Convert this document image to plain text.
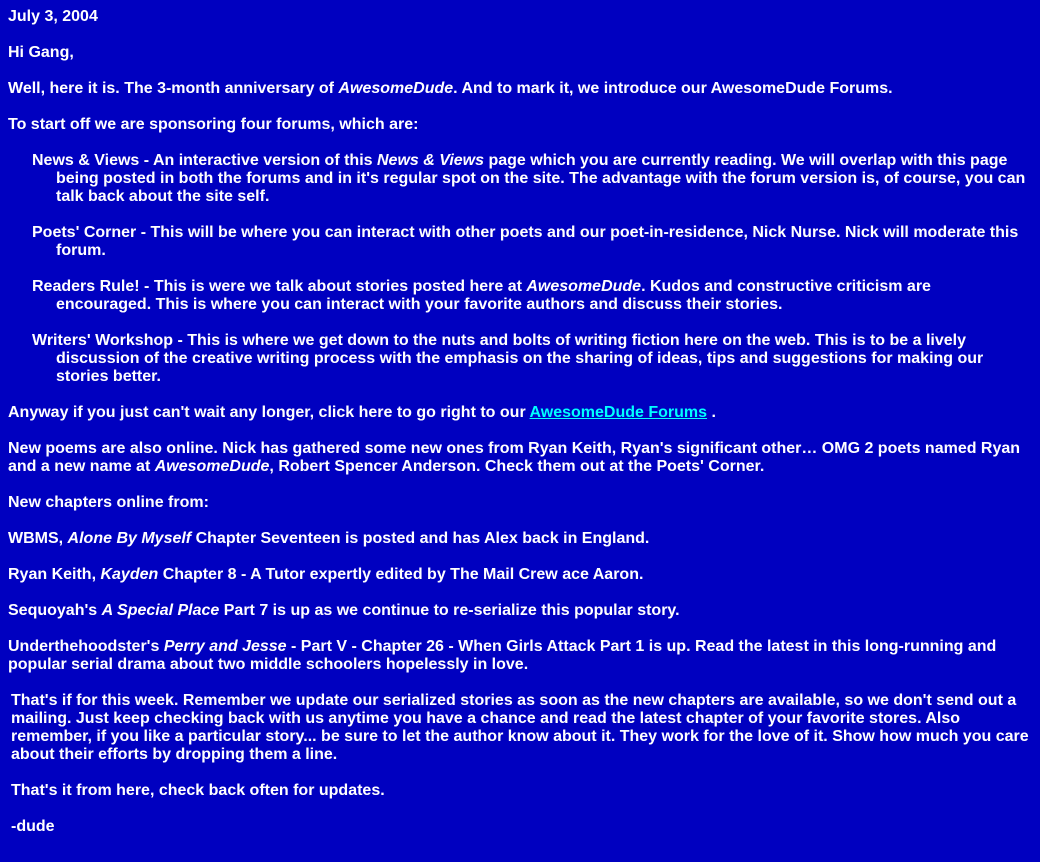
July 3, 2004

Hi Gang,

Well, here it is. The 3-month anniversary of AwesomeDude. And to mark it, we introduce our AwesomeDude Forums.

To start off we are sponsoring four forums, which are:

News & Views - An interactive version of this News & Views page which you are currently reading. We will overlap with this page being posted in both the forums and in it's regular spot on the site. The advantage with the forum version is, of course, you can talk back about the site self.
Poets' Corner - This will be where you can interact with other poets and our poet-in-residence, Nick Nurse. Nick will moderate this forum.
Readers Rule! - This is were we talk about stories posted here at AwesomeDude. Kudos and constructive criticism are encouraged. This is where you can interact with your favorite authors and discuss their stories.
Writers' Workshop - This is where we get down to the nuts and bolts of writing fiction here on the web. This is to be a lively discussion of the creative writing process with the emphasis on the sharing of ideas, tips and suggestions for making our stories better.

Anyway if you just can't wait any longer, click here to go right to our AwesomeDude Forums .

New poems are also online. Nick has gathered some new ones from Ryan Keith, Ryan's significant other… OMG 2 poets named Ryan and a new name at AwesomeDude, Robert Spencer Anderson. Check them out at the Poets' Corner.

New chapters online from:

WBMS, Alone By Myself Chapter Seventeen is posted and has Alex back in England.

Ryan Keith, Kayden Chapter 8 - A Tutor expertly edited by The Mail Crew ace Aaron.

Sequoyah's A Special Place Part 7 is up as we continue to re-serialize this popular story.

Underthehoodster's Perry and Jesse - Part V - Chapter 26 - When Girls Attack Part 1 is up. Read the latest in this long-running and popular serial drama about two middle schoolers hopelessly in love.

That's if for this week. Remember we update our serialized stories as soon as the new chapters are available, so we don't send out a mailing. Just keep checking back with us anytime you have a chance and read the latest chapter of your favorite stores. Also remember, if you like a particular story... be sure to let the author know about it. They work for the love of it. Show how much you care about their efforts by dropping them a line.

That's it from here, check back often for updates.

-dude
